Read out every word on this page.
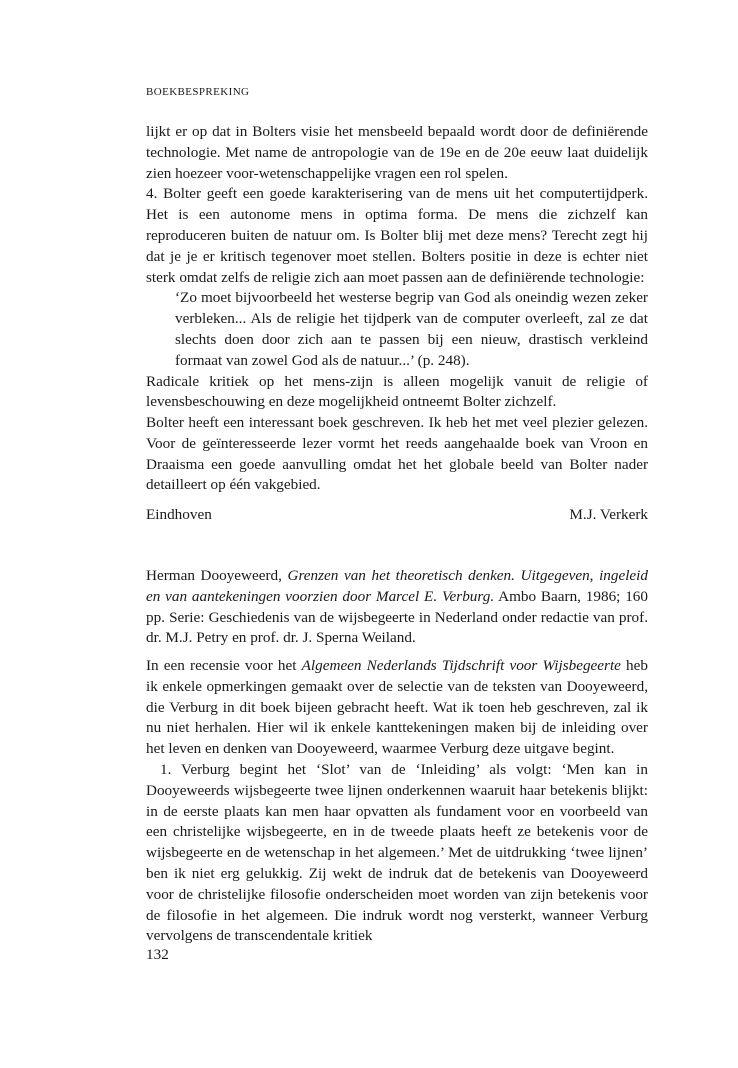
BOEKBESPREKING

lijkt er op dat in Bolters visie het mensbeeld bepaald wordt door de definiërende technologie. Met name de antropologie van de 19e en de 20e eeuw laat duidelijk zien hoezeer voor-wetenschappelijke vragen een rol spelen.

4. Bolter geeft een goede karakterisering van de mens uit het computertijdperk. Het is een autonome mens in optima forma. De mens die zichzelf kan reproduceren buiten de natuur om. Is Bolter blij met deze mens? Terecht zegt hij dat je je er kritisch tegenover moet stellen. Bolters positie in deze is echter niet sterk omdat zelfs de religie zich aan moet passen aan de definiërende technologie:

‘Zo moet bijvoorbeeld het westerse begrip van God als oneindig wezen zeker verbleken... Als de religie het tijdperk van de computer overleeft, zal ze dat slechts doen door zich aan te passen bij een nieuw, drastisch verkleind formaat van zowel God als de natuur...’ (p. 248).

Radicale kritiek op het mens-zijn is alleen mogelijk vanuit de religie of levensbeschouwing en deze mogelijkheid ontneemt Bolter zichzelf.

Bolter heeft een interessant boek geschreven. Ik heb het met veel plezier gelezen. Voor de geïnteresseerde lezer vormt het reeds aangehaalde boek van Vroon en Draaisma een goede aanvulling omdat het het globale beeld van Bolter nader detailleert op één vakgebied.

Eindhoven	M.J. Verkerk

Herman Dooyeweerd, Grenzen van het theoretisch denken. Uitgegeven, ingeleid en van aantekeningen voorzien door Marcel E. Verburg. Ambo Baarn, 1986; 160 pp. Serie: Geschiedenis van de wijsbegeerte in Nederland onder redactie van prof. dr. M.J. Petry en prof. dr. J. Sperna Weiland.

In een recensie voor het Algemeen Nederlands Tijdschrift voor Wijsbegeerte heb ik enkele opmerkingen gemaakt over de selectie van de teksten van Dooyeweerd, die Verburg in dit boek bijeen gebracht heeft. Wat ik toen heb geschreven, zal ik nu niet herhalen. Hier wil ik enkele kanttekeningen maken bij de inleiding over het leven en denken van Dooyeweerd, waarmee Verburg deze uitgave begint.

1. Verburg begint het ‘Slot’ van de ‘Inleiding’ als volgt: ‘Men kan in Dooyeweerds wijsbegeerte twee lijnen onderkennen waaruit haar betekenis blijkt: in de eerste plaats kan men haar opvatten als fundament voor en voorbeeld van een christelijke wijsbegeerte, en in de tweede plaats heeft ze betekenis voor de wijsbegeerte en de wetenschap in het algemeen.’ Met de uitdrukking ‘twee lijnen’ ben ik niet erg gelukkig. Zij wekt de indruk dat de betekenis van Dooyeweerd voor de christelijke filosofie onderscheiden moet worden van zijn betekenis voor de filosofie in het algemeen. Die indruk wordt nog versterkt, wanneer Verburg vervolgens de transcendentale kritiek

132
